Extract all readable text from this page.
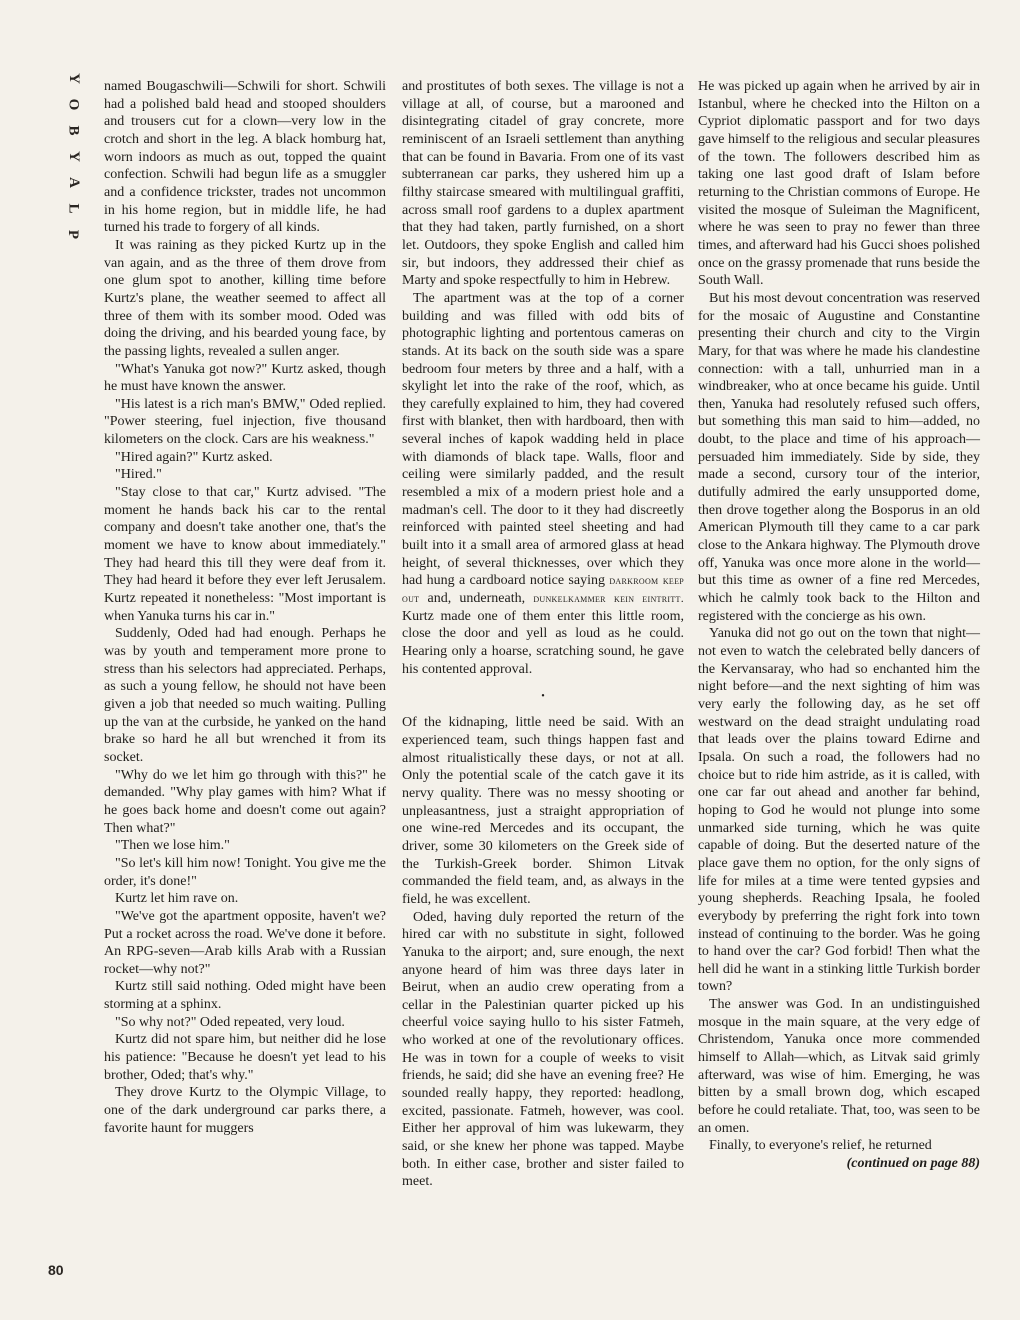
Y
O
B
Y
A
L
P
80

named Bougaschwili—Schwili for short. Schwili had a polished bald head and stooped shoulders and trousers cut for a clown—very low in the crotch and short in the leg. A black homburg hat, worn indoors as much as out, topped the quaint confection. Schwili had begun life as a smuggler and a confidence trickster, trades not uncommon in his home region, but in middle life, he had turned his trade to forgery of all kinds.

It was raining as they picked Kurtz up in the van again, and as the three of them drove from one glum spot to another, killing time before Kurtz's plane, the weather seemed to affect all three of them with its somber mood. Oded was doing the driving, and his bearded young face, by the passing lights, revealed a sullen anger.

"What's Yanuka got now?" Kurtz asked, though he must have known the answer.

"His latest is a rich man's BMW," Oded replied. "Power steering, fuel injection, five thousand kilometers on the clock. Cars are his weakness."

"Hired again?" Kurtz asked.

"Hired."

"Stay close to that car," Kurtz advised. "The moment he hands back his car to the rental company and doesn't take another one, that's the moment we have to know about immediately." They had heard this till they were deaf from it. They had heard it before they ever left Jerusalem. Kurtz repeated it nonetheless: "Most important is when Yanuka turns his car in."

Suddenly, Oded had had enough. Perhaps he was by youth and temperament more prone to stress than his selectors had appreciated. Perhaps, as such a young fellow, he should not have been given a job that needed so much waiting. Pulling up the van at the curbside, he yanked on the hand brake so hard he all but wrenched it from its socket.

"Why do we let him go through with this?" he demanded. "Why play games with him? What if he goes back home and doesn't come out again? Then what?"

"Then we lose him."

"So let's kill him now! Tonight. You give me the order, it's done!"

Kurtz let him rave on.

"We've got the apartment opposite, haven't we? Put a rocket across the road. We've done it before. An RPG-seven—Arab kills Arab with a Russian rocket—why not?"

Kurtz still said nothing. Oded might have been storming at a sphinx.

"So why not?" Oded repeated, very loud.

Kurtz did not spare him, but neither did he lose his patience: "Because he doesn't yet lead to his brother, Oded; that's why."

They drove Kurtz to the Olympic Village, to one of the dark underground car parks there, a favorite haunt for muggers

and prostitutes of both sexes. The village is not a village at all, of course, but a marooned and disintegrating citadel of gray concrete, more reminiscent of an Israeli settlement than anything that can be found in Bavaria. From one of its vast subterranean car parks, they ushered him up a filthy staircase smeared with multilingual graffiti, across small roof gardens to a duplex apartment that they had taken, partly furnished, on a short let. Outdoors, they spoke English and called him sir, but indoors, they addressed their chief as Marty and spoke respectfully to him in Hebrew.

The apartment was at the top of a corner building and was filled with odd bits of photographic lighting and portentous cameras on stands. At its back on the south side was a spare bedroom four meters by three and a half, with a skylight let into the rake of the roof, which, as they carefully explained to him, they had covered first with blanket, then with hardboard, then with several inches of kapok wadding held in place with diamonds of black tape. Walls, floor and ceiling were similarly padded, and the result resembled a mix of a modern priest hole and a madman's cell. The door to it they had discreetly reinforced with painted steel sheeting and had built into it a small area of armored glass at head height, of several thicknesses, over which they had hung a cardboard notice saying darkroom keep out and, underneath, dunkelkammer kein eintritt. Kurtz made one of them enter this little room, close the door and yell as loud as he could. Hearing only a hoarse, scratching sound, he gave his contented approval.

•

Of the kidnaping, little need be said. With an experienced team, such things happen fast and almost ritualistically these days, or not at all. Only the potential scale of the catch gave it its nervy quality. There was no messy shooting or unpleasantness, just a straight appropriation of one wine-red Mercedes and its occupant, the driver, some 30 kilometers on the Greek side of the Turkish-Greek border. Shimon Litvak commanded the field team, and, as always in the field, he was excellent.

Oded, having duly reported the return of the hired car with no substitute in sight, followed Yanuka to the airport; and, sure enough, the next anyone heard of him was three days later in Beirut, when an audio crew operating from a cellar in the Palestinian quarter picked up his cheerful voice saying hullo to his sister Fatmeh, who worked at one of the revolutionary offices. He was in town for a couple of weeks to visit friends, he said; did she have an evening free? He sounded really happy, they reported: headlong, excited, passionate. Fatmeh, however, was cool. Either her approval of him was lukewarm, they said, or she knew her phone was tapped. Maybe both. In either case, brother and sister failed to meet.

He was picked up again when he arrived by air in Istanbul, where he checked into the Hilton on a Cypriot diplomatic passport and for two days gave himself to the religious and secular pleasures of the town. The followers described him as taking one last good draft of Islam before returning to the Christian commons of Europe. He visited the mosque of Suleiman the Magnificent, where he was seen to pray no fewer than three times, and afterward had his Gucci shoes polished once on the grassy promenade that runs beside the South Wall.

But his most devout concentration was reserved for the mosaic of Augustine and Constantine presenting their church and city to the Virgin Mary, for that was where he made his clandestine connection: with a tall, unhurried man in a windbreaker, who at once became his guide. Until then, Yanuka had resolutely refused such offers, but something this man said to him—added, no doubt, to the place and time of his approach—persuaded him immediately. Side by side, they made a second, cursory tour of the interior, dutifully admired the early unsupported dome, then drove together along the Bosporus in an old American Plymouth till they came to a car park close to the Ankara highway. The Plymouth drove off, Yanuka was once more alone in the world—but this time as owner of a fine red Mercedes, which he calmly took back to the Hilton and registered with the concierge as his own.

Yanuka did not go out on the town that night—not even to watch the celebrated belly dancers of the Kervansaray, who had so enchanted him the night before—and the next sighting of him was very early the following day, as he set off westward on the dead straight undulating road that leads over the plains toward Edirne and Ipsala. On such a road, the followers had no choice but to ride him astride, as it is called, with one car far out ahead and another far behind, hoping to God he would not plunge into some unmarked side turning, which he was quite capable of doing. But the deserted nature of the place gave them no option, for the only signs of life for miles at a time were tented gypsies and young shepherds. Reaching Ipsala, he fooled everybody by preferring the right fork into town instead of continuing to the border. Was he going to hand over the car? God forbid! Then what the hell did he want in a stinking little Turkish border town?

The answer was God. In an undistinguished mosque in the main square, at the very edge of Christendom, Yanuka once more commended himself to Allah—which, as Litvak said grimly afterward, was wise of him. Emerging, he was bitten by a small brown dog, which escaped before he could retaliate. That, too, was seen to be an omen.

Finally, to everyone's relief, he returned

(continued on page 88)
